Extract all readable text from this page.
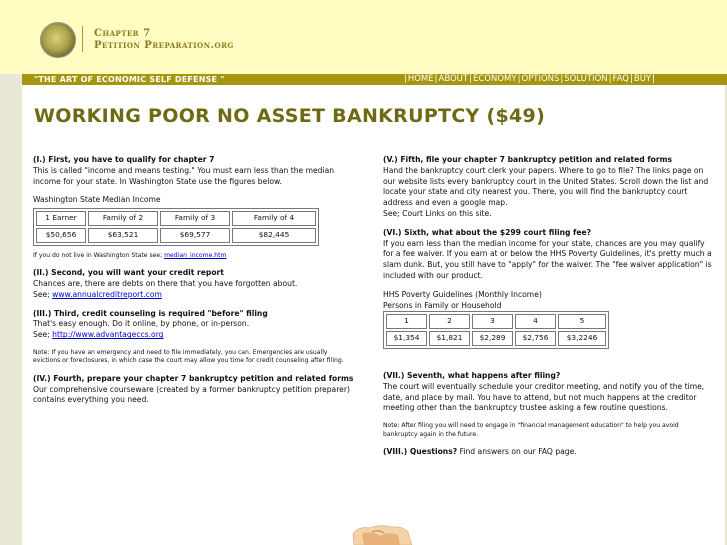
Chapter 7
Petition Preparation.org
"THE ART OF ECONOMIC SELF DEFENSE "	|HOME|ABOUT|ECONOMY|OPTIONS|SOLUTION|FAQ|BUY|
WORKING POOR NO ASSET BANKRUPTCY ($49)
(I.) First, you have to qualify for chapter 7

This is called "income and means testing." You must earn less than the median income for your state. In Washington State use the figures below.

Washington State Median Income
1 Earner	Family of 2	Family of 3	Family of 4
$50,656	$63,521	$69,577	$82,445
If you do not live in Washington State see; median_income.htm
(II.) Second, you will want your credit report

Chances are, there are debts on there that you have forgotten about.

See; www.annualcreditreport.com

(III.) Third, credit counseling is required "before" filing

That's easy enough. Do it online, by phone, or in-person.

See; http://www.advantageccs.org

Note: If you have an emergency and need to file immediately, you can. Emergencies are usually evictions or foreclosures, in which case the court may allow you time for credit counseling after filing.
(IV.) Fourth, prepare your chapter 7 bankruptcy petition and related forms

Our comprehensive courseware (created by a former bankruptcy petition preparer) contains everything you need.

(V.) Fifth, file your chapter 7 bankruptcy petition and related forms

Hand the bankruptcy court clerk your papers. Where to go to file? The links page on our website lists every bankruptcy court in the United States. Scroll down the list and locate your state and city nearest you. There, you will find the bankruptcy court address and even a google map.

See; Court Links on this site.

(VI.) Sixth, what about the $299 court filing fee?

If you earn less than the median income for your state, chances are you may qualify for a fee waiver. If you earn at or below the HHS Poverty Guidelines, it's pretty much a slam dunk. But, you still have to "apply" for the waiver. The "fee waiver application" is included with our product.

HHS Poverty Guidelines (Monthly Income)
Persons in Family or Household
1	2	3	4	5
$1,354	$1,821	$2,289	$2,756	$3,2246
(VII.) Seventh, what happens after filing?

The court will eventually schedule your creditor meeting, and notify you of the time, date, and place by mail. You have to attend, but not much happens at the creditor meeting other than the bankruptcy trustee asking a few routine questions.

Note: After filing you will need to engage in "financial management education" to help you avoid bankruptcy again in the future.

(VIII.) Questions? Find answers on our FAQ page.
